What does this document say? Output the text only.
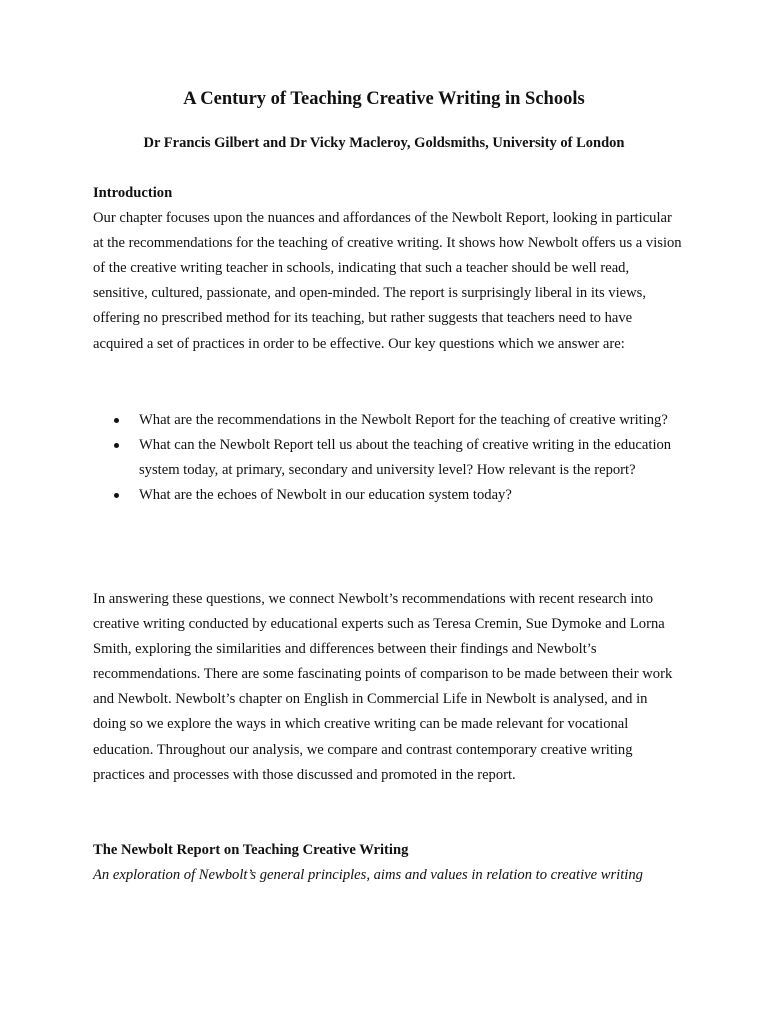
A Century of Teaching Creative Writing in Schools

Dr Francis Gilbert and Dr Vicky Macleroy, Goldsmiths, University of London

Introduction
Our chapter focuses upon the nuances and affordances of the Newbolt Report, looking in particular at the recommendations for the teaching of creative writing. It shows how Newbolt offers us a vision of the creative writing teacher in schools, indicating that such a teacher should be well read, sensitive, cultured, passionate, and open-minded. The report is surprisingly liberal in its views, offering no prescribed method for its teaching, but rather suggests that teachers need to have acquired a set of practices in order to be effective. Our key questions which we answer are:
What are the recommendations in the Newbolt Report for the teaching of creative writing?
What can the Newbolt Report tell us about the teaching of creative writing in the education system today, at primary, secondary and university level? How relevant is the report?
What are the echoes of Newbolt in our education system today?

In answering these questions, we connect Newbolt’s recommendations with recent research into creative writing conducted by educational experts such as Teresa Cremin, Sue Dymoke and Lorna Smith, exploring the similarities and differences between their findings and Newbolt’s recommendations. There are some fascinating points of comparison to be made between their work and Newbolt. Newbolt’s chapter on English in Commercial Life in Newbolt is analysed, and in doing so we explore the ways in which creative writing can be made relevant for vocational education. Throughout our analysis, we compare and contrast contemporary creative writing practices and processes with those discussed and promoted in the report.

The Newbolt Report on Teaching Creative Writing
An exploration of Newbolt’s general principles, aims and values in relation to creative writing
